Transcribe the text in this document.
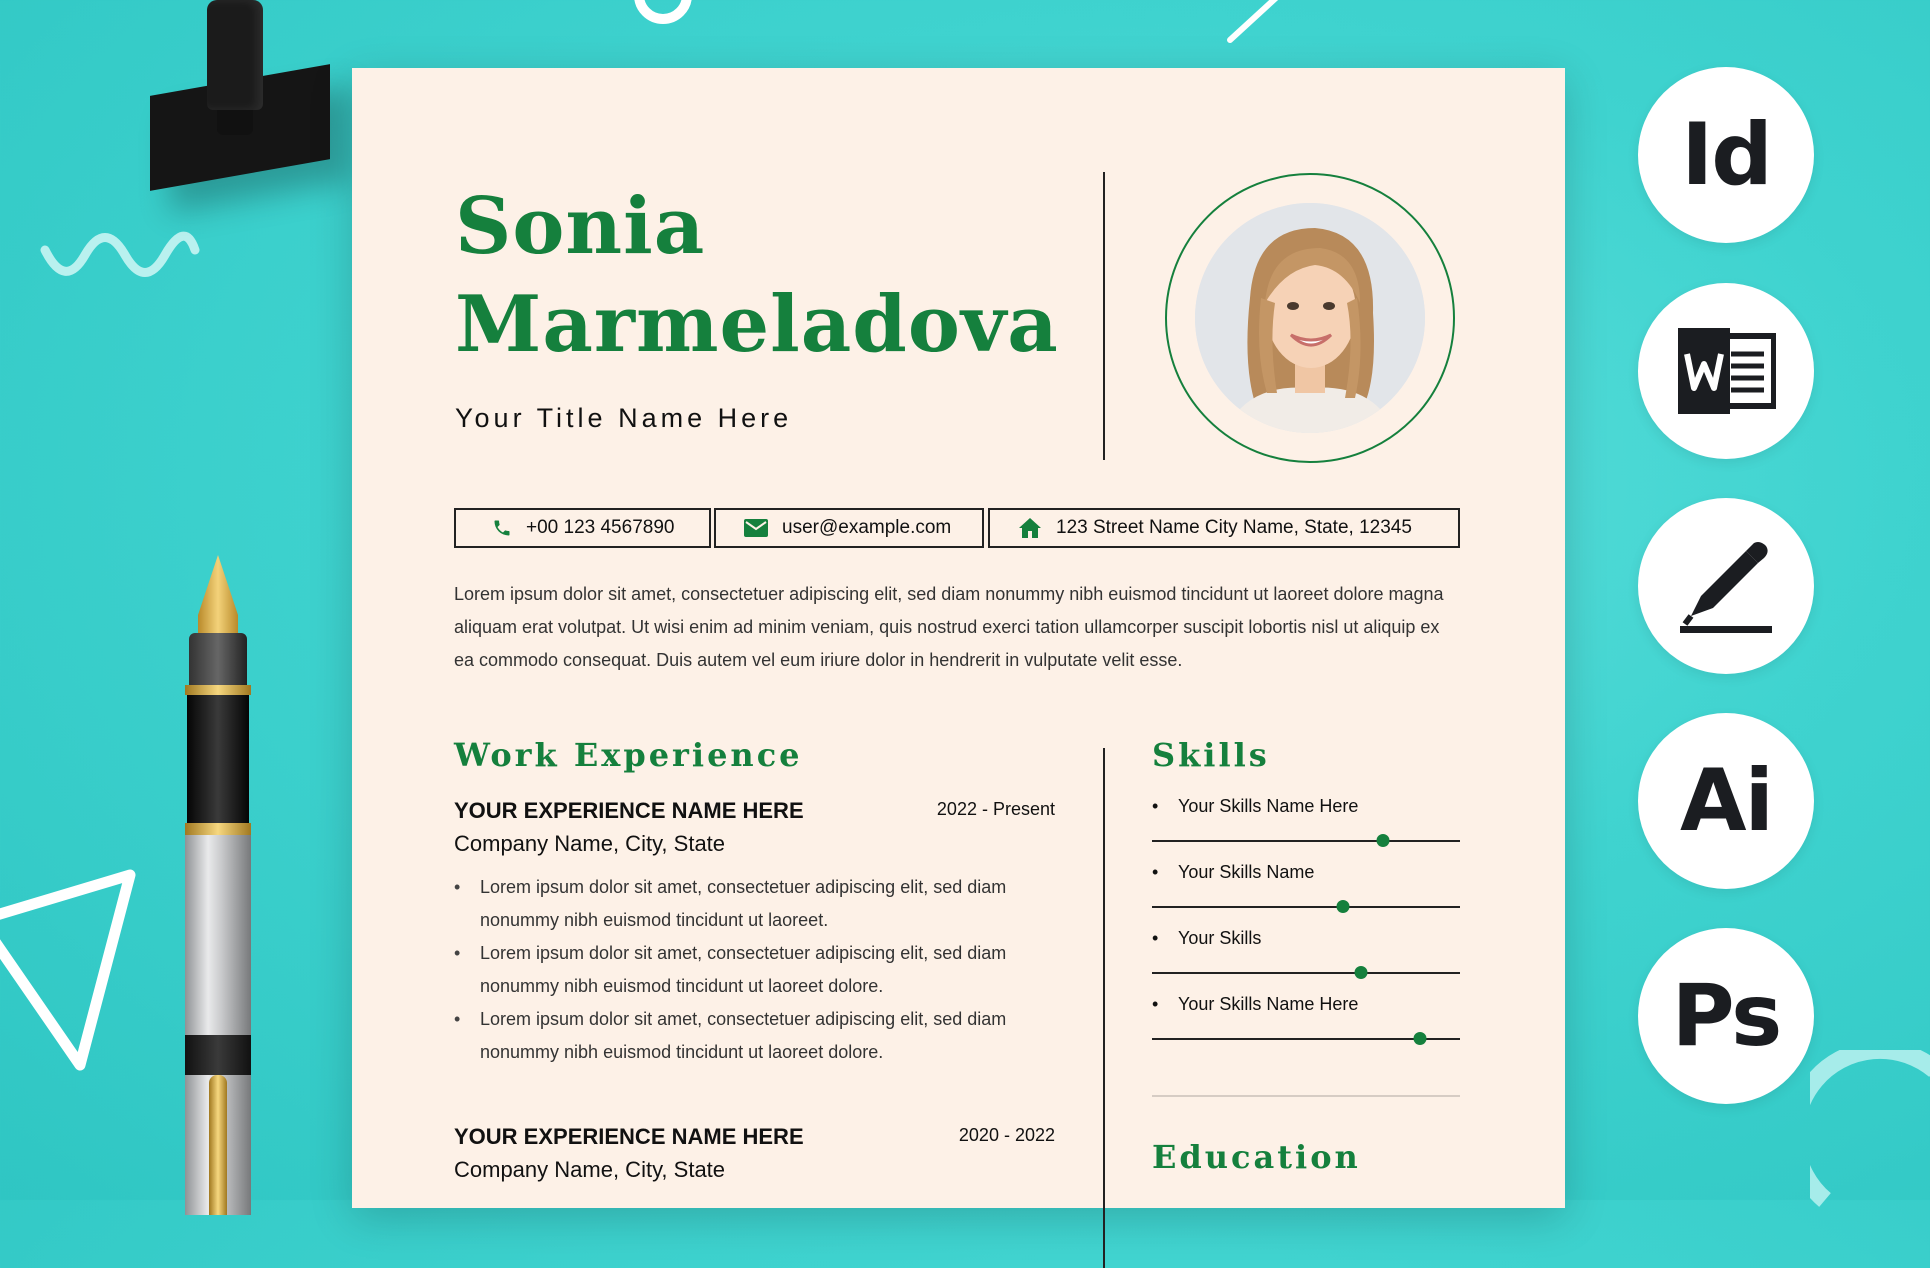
Sonia
Marmeladova
Your Title Name Here
+00 123 4567890	user@example.com	123 Street Name City Name, State, 12345
Lorem ipsum dolor sit amet, consectetuer adipiscing elit, sed diam nonummy nibh euismod tincidunt ut laoreet dolore magna aliquam erat volutpat. Ut wisi enim ad minim veniam, quis nostrud exerci tation ullamcorper suscipit lobortis nisl ut aliquip ex ea commodo consequat. Duis autem vel eum iriure dolor in hendrerit in vulputate velit esse.
Work Experience
YOUR EXPERIENCE NAME HERE	2022 - Present
Company Name, City, State
• Lorem ipsum dolor sit amet, consectetuer adipiscing elit, sed diam nonummy nibh euismod tincidunt ut laoreet.
• Lorem ipsum dolor sit amet, consectetuer adipiscing elit, sed diam nonummy nibh euismod tincidunt ut laoreet dolore.
• Lorem ipsum dolor sit amet, consectetuer adipiscing elit, sed diam nonummy nibh euismod tincidunt ut laoreet dolore.
YOUR EXPERIENCE NAME HERE	2020 - 2022
Company Name, City, State
Skills
• Your Skills Name Here
• Your Skills Name
• Your Skills
• Your Skills Name Here
Education
Id
Ai
Ps
